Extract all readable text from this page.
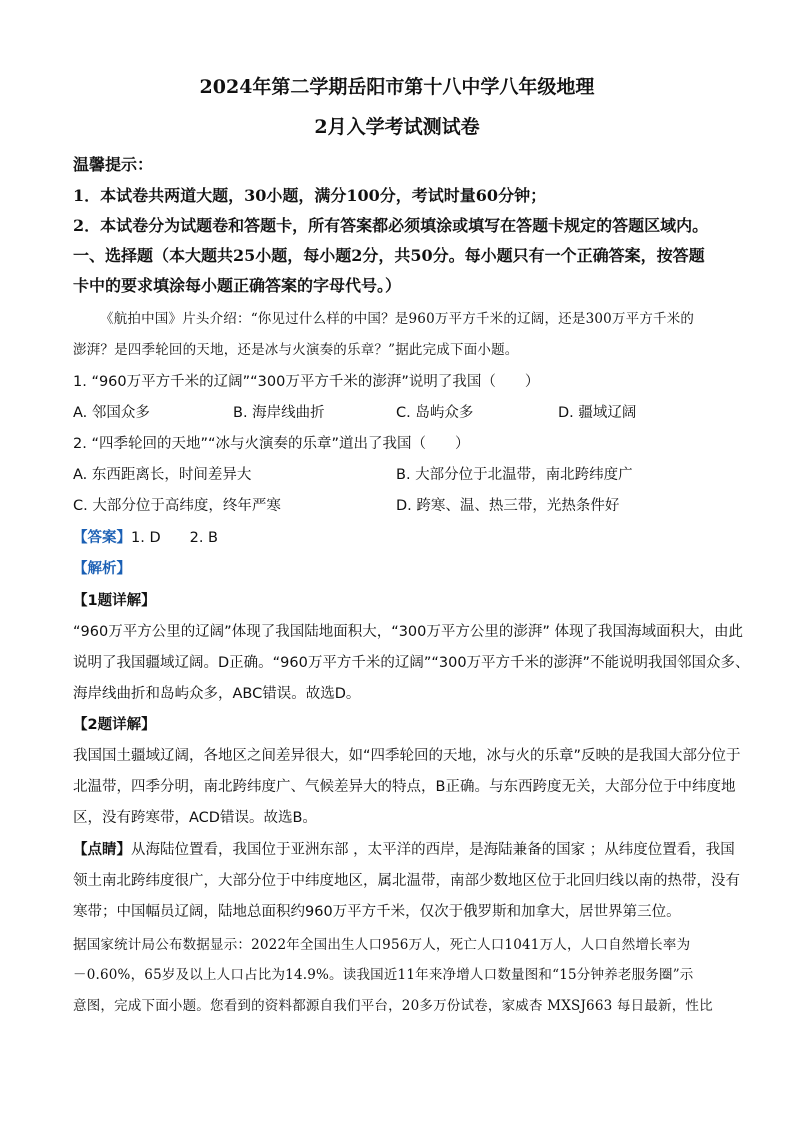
2024年第二学期岳阳市第十八中学八年级地理
2月入学考试测试卷
温馨提示：
1．本试卷共两道大题，30小题，满分100分，考试时量60分钟；
2．本试卷分为试题卷和答题卡，所有答案都必须填涂或填写在答题卡规定的答题区域内。
一、选择题（本大题共25小题，每小题2分，共50分。每小题只有一个正确答案，按答题
卡中的要求填涂每小题正确答案的字母代号。）
《航拍中国》片头介绍：“你见过什么样的中国？是960万平方千米的辽阔，还是300万平方千米的
澎湃？是四季轮回的天地，还是冰与火演奏的乐章？”据此完成下面小题。
1. “960万平方千米的辽阔”“300万平方千米的澎湃”说明了我国（　　）
A. 邻国众多	B. 海岸线曲折	C. 岛屿众多	D. 疆域辽阔
2. “四季轮回的天地”“冰与火演奏的乐章”道出了我国（　　）
A. 东西距离长，时间差异大	B. 大部分位于北温带，南北跨纬度广
C. 大部分位于高纬度，终年严寒	D. 跨寒、温、热三带，光热条件好
【答案】1. D　　2. B
【解析】
【1题详解】
“960万平方公里的辽阔”体现了我国陆地面积大，“300万平方公里的澎湃” 体现了我国海域面积大，由此
说明了我国疆域辽阔。D正确。“960万平方千米的辽阔”“300万平方千米的澎湃”不能说明我国邻国众多、
海岸线曲折和岛屿众多，ABC错误。故选D。
【2题详解】
我国国土疆域辽阔，各地区之间差异很大，如“四季轮回的天地，冰与火的乐章”反映的是我国大部分位于
北温带，四季分明，南北跨纬度广、气候差异大的特点，B正确。与东西跨度无关，大部分位于中纬度地
区，没有跨寒带，ACD错误。故选B。
【点睛】从海陆位置看，我国位于亚洲东部 ，太平洋的西岸，是海陆兼备的国家 ；从纬度位置看，我国
领土南北跨纬度很广，大部分位于中纬度地区，属北温带，南部少数地区位于北回归线以南的热带，没有
寒带；中国幅员辽阔，陆地总面积约960万平方千米，仅次于俄罗斯和加拿大，居世界第三位。
据国家统计局公布数据显示：2022年全国出生人口956万人，死亡人口1041万人，人口自然增长率为
－0.60%，65岁及以上人口占比为14.9%。读我国近11年来净增人口数量图和“15分钟养老服务圈”示
意图，完成下面小题。您看到的资料都源自我们平台，20多万份试卷，家威杏 MXSJ663 每日最新，性比
